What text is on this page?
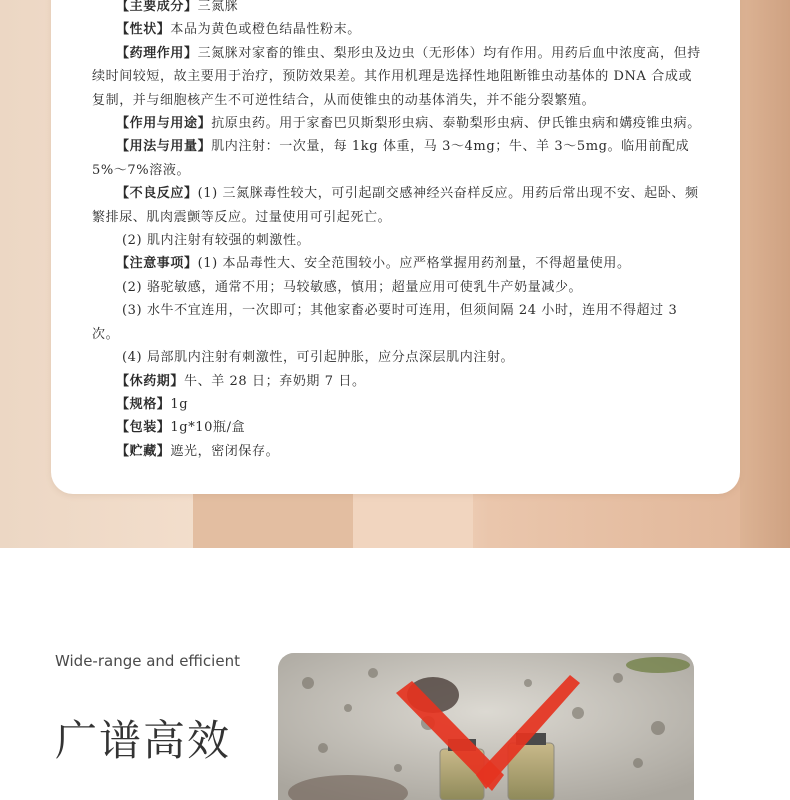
【主要成分】三氮脒

【性状】本品为黄色或橙色结晶性粉末。

【药理作用】三氮脒对家畜的锥虫、梨形虫及边虫（无形体）均有作用。用药后血中浓度高，但持续时间较短，故主要用于治疗，预防效果差。其作用机理是选择性地阻断锥虫动基体的 DNA 合成或复制，并与细胞核产生不可逆性结合，从而使锥虫的动基体消失，并不能分裂繁殖。

【作用与用途】抗原虫药。用于家畜巴贝斯梨形虫病、泰勒梨形虫病、伊氏锥虫病和媾疫锥虫病。

【用法与用量】肌内注射：一次量，每 1kg 体重，马 3～4mg；牛、羊 3～5mg。临用前配成 5%～7%溶液。

【不良反应】(1) 三氮脒毒性较大，可引起副交感神经兴奋样反应。用药后常出现不安、起卧、频繁排尿、肌肉震颤等反应。过量使用可引起死亡。

(2) 肌内注射有较强的刺激性。

【注意事项】(1) 本品毒性大、安全范围较小。应严格掌握用药剂量，不得超量使用。

(2) 骆驼敏感，通常不用；马较敏感，慎用；超量应用可使乳牛产奶量减少。

(3) 水牛不宜连用，一次即可；其他家畜必要时可连用，但须间隔 24 小时，连用不得超过 3 次。

(4) 局部肌内注射有刺激性，可引起肿胀，应分点深层肌内注射。

【休药期】牛、羊 28 日；弃奶期 7 日。

【规格】1g

【包装】1g*10瓶/盒

【贮藏】遮光，密闭保存。

Wide-range and efficient
广谱高效
